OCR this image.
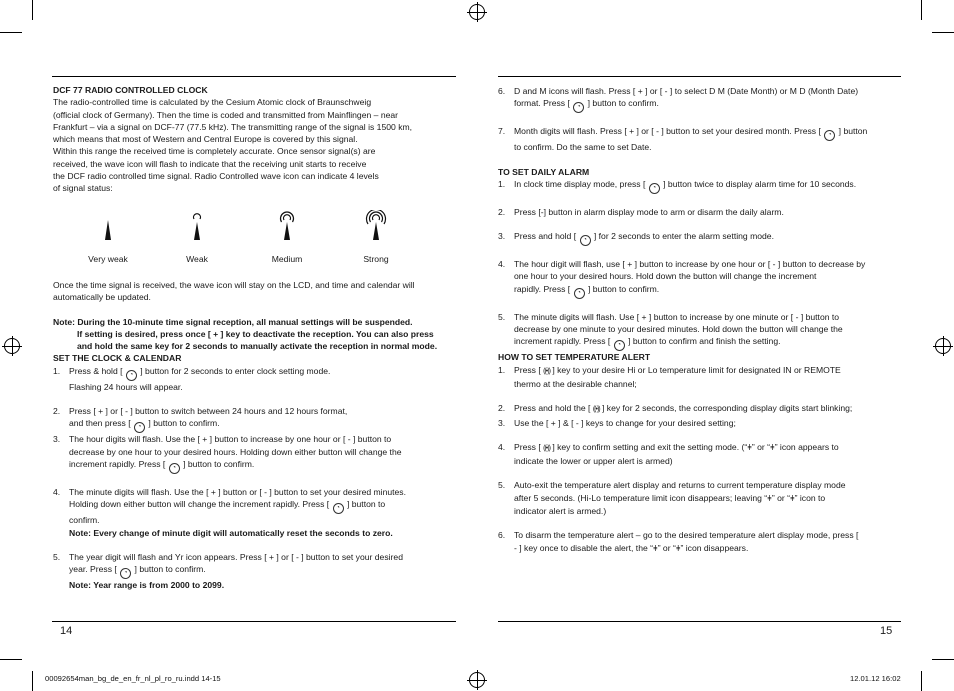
DCF 77 RADIO CONTROLLED CLOCK

The radio-controlled time is calculated by the Cesium Atomic clock of Braunschweig

(official clock of Germany). Then the time is coded and transmitted from Mainflingen – near

Frankfurt – via a signal on DCF-77 (77.5 kHz). The transmitting range of the signal is 1500 km,

which means that most of Western and Central Europe is covered by this signal.

Within this range the received time is completely accurate. Once sensor signal(s) are

received, the wave icon will flash to indicate that the receiving unit starts to receive

the DCF radio controlled time signal. Radio Controlled wave icon can indicate 4 levels

of signal status:

Very weak	Weak	Medium	Strong

Once the time signal is received, the wave icon will stay on the LCD, and time and calendar will

automatically be updated.

Note: During the 10-minute time signal reception, all manual settings will be suspended.

If setting is desired, press once [ + ] key to deactivate the reception. You can also press

and hold the same key for 2 seconds to manually activate the reception in normal mode.

SET THE CLOCK & CALENDAR

1. Press & hold [ ◔ ] button for 2 seconds to enter clock setting mode.
Flashing 24 hours will appear.
2. Press [ + ] or [ - ] button to switch between 24 hours and 12 hours format,
and then press [ ◔ ] button to confirm.
3. The hour digits will flash. Use the [ + ] button to increase by one hour or [ - ] button to
decrease by one hour to your desired hours. Holding down either button will change the
increment rapidly. Press [ ◔ ] button to confirm.
4. The minute digits will flash. Use the [ + ] button or [ - ] button to set your desired minutes.
Holding down either button will change the increment rapidly. Press [ ◔ ] button to
confirm.
Note: Every change of minute digit will automatically reset the seconds to zero.
5. The year digit will flash and Yr icon appears. Press [ + ] or [ - ] button to set your desired
year. Press [ ◔ ] button to confirm.
Note: Year range is from 2000 to 2099.
6. D and M icons will flash. Press [ + ] or [ - ] to select D M (Date Month) or M D (Month Date)
format. Press [ ◔ ] button to confirm.
7. Month digits will flash. Press [ + ] or [ - ] button to set your desired month. Press [ ◔ ] button
to confirm. Do the same to set Date.

TO SET DAILY ALARM

1. In clock time display mode, press [ ◔ ] button twice to display alarm time for 10 seconds.
2. Press [-] button in alarm display mode to arm or disarm the daily alarm.
3. Press and hold [ ◔ ] for 2 seconds to enter the alarm setting mode.
4. The hour digit will flash, use [ + ] button to increase by one hour or [ - ] button to decrease by
one hour to your desired hours. Hold down the button will change the increment
rapidly. Press [ ◔ ] button to confirm.
5. The minute digits will flash. Use [ + ] button to increase by one minute or [ - ] button to
decrease by one minute to your desired minutes. Hold down the button will change the
increment rapidly. Press [ ◔ ] button to confirm and finish the setting.

HOW TO SET TEMPERATURE ALERT

1. Press [ ((•)) ] key to your desire Hi or Lo temperature limit for designated IN or REMOTE
thermo at the desirable channel;
2. Press and hold the [ ((•)) ] key for 2 seconds, the corresponding display digits start blinking;
3. Use the [ + ] & [ - ] keys to change for your desired setting;
4. Press [ ((•)) ] key to confirm setting and exit the setting mode. (“ǂ” or “ǂ” icon appears to
indicate the lower or upper alert is armed)
5. Auto-exit the temperature alert display and returns to current temperature display mode
after 5 seconds. (Hi-Lo temperature limit icon disappears; leaving “ǂ” or “ǂ” icon to
indicator alert is armed.)
6. To disarm the temperature alert – go to the desired temperature alert display mode, press [
- ] key once to disable the alert, the “ǂ” or “ǂ” icon disappears.
14	15
00092654man_bg_de_en_fr_nl_pl_ro_ru.indd 14-15	12.01.12 16:02
